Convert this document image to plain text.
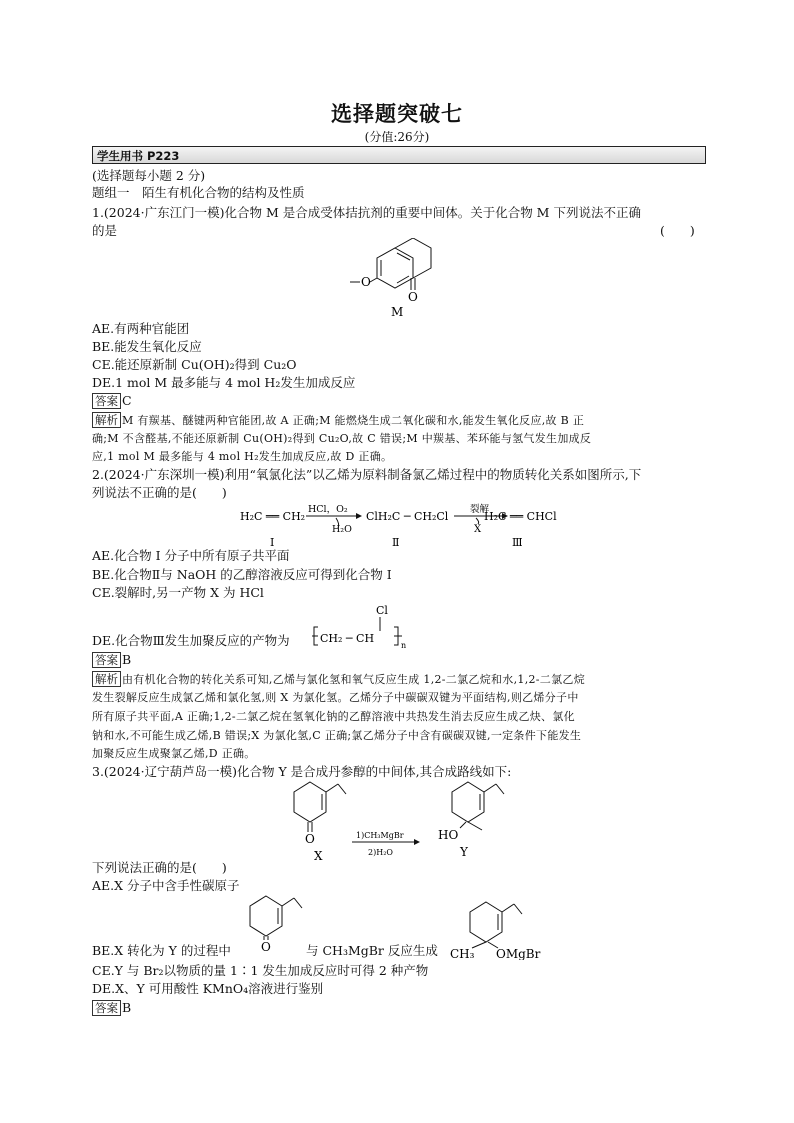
选择题突破七
(分值:26分)
学生用书 P223
(选择题每小题 2 分)
题组一　陌生有机化合物的结构及性质
1.(2024·广东江门一模)化合物 M 是合成受体拮抗剂的重要中间体。关于化合物 M 下列说法不正确
的是	(　　)
O
O
M
AE.有两种官能团
BE.能发生氧化反应
CE.能还原新制 Cu(OH)₂得到 Cu₂O
DE.1 mol M 最多能与 4 mol H₂发生加成反应
答案 C
解析 M 有羰基、醚键两种官能团,故 A 正确;M 能燃烧生成二氧化碳和水,能发生氧化反应,故 B 正
确;M 不含醛基,不能还原新制 Cu(OH)₂得到 Cu₂O,故 C 错误;M 中羰基、苯环能与氢气发生加成反
应,1 mol M 最多能与 4 mol H₂发生加成反应,故 D 正确。
2.(2024·广东深圳一模)利用“氧氯化法”以乙烯为原料制备氯乙烯过程中的物质转化关系如图所示,下
列说法不正确的是(　　)
H₂C ══ CH₂
HCl，O₂
H₂O
ClH₂C ─ CH₂Cl
裂解
X
H₂C ══ CHCl
I	Ⅱ	Ⅲ
AE.化合物 I 分子中所有原子共平面
BE.化合物Ⅱ与 NaOH 的乙醇溶液反应可得到化合物 I
CE.裂解时,另一产物 X 为 HCl
DE.化合物Ⅲ发生加聚反应的产物为
Cl
CH₂ ─ CH
n
答案 B
解析 由有机化合物的转化关系可知,乙烯与氯化氢和氧气反应生成 1,2-二氯乙烷和水,1,2-二氯乙烷
发生裂解反应生成氯乙烯和氯化氢,则 X 为氯化氢。乙烯分子中碳碳双键为平面结构,则乙烯分子中
所有原子共平面,A 正确;1,2-二氯乙烷在氢氧化钠的乙醇溶液中共热发生消去反应生成乙炔、氯化
钠和水,不可能生成乙烯,B 错误;X 为氯化氢,C 正确;氯乙烯分子中含有碳碳双键,一定条件下能发生
加聚反应生成聚氯乙烯,D 正确。
3.(2024·辽宁葫芦岛一模)化合物 Y 是合成丹参醇的中间体,其合成路线如下:
O
X
1)CH₃MgBr
2)H₂O
HO
Y
下列说法正确的是(　　)
AE.X 分子中含手性碳原子
O
BE.X 转化为 Y 的过程中	与 CH₃MgBr 反应生成 CH₃ OMgBr
CE.Y 与 Br₂以物质的量 1∶1 发生加成反应时可得 2 种产物
DE.X、Y 可用酸性 KMnO₄溶液进行鉴别
答案 B
